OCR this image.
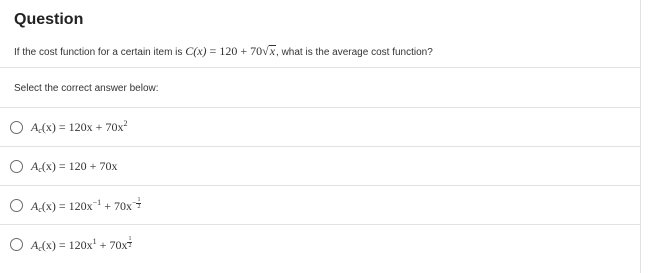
Question
If the cost function for a certain item is C(x) = 120 + 70√x, what is the average cost function?
Select the correct answer below:
$A_c(x) = 120x + 70x^2$
$A_c(x) = 120 + 70x$
$A_c(x) = 120x^{-1} + 70x^{- \frac{1}{2}}$
$A_c(x) = 120x^1 + 70x$ $^{\frac{1}{2}}$
